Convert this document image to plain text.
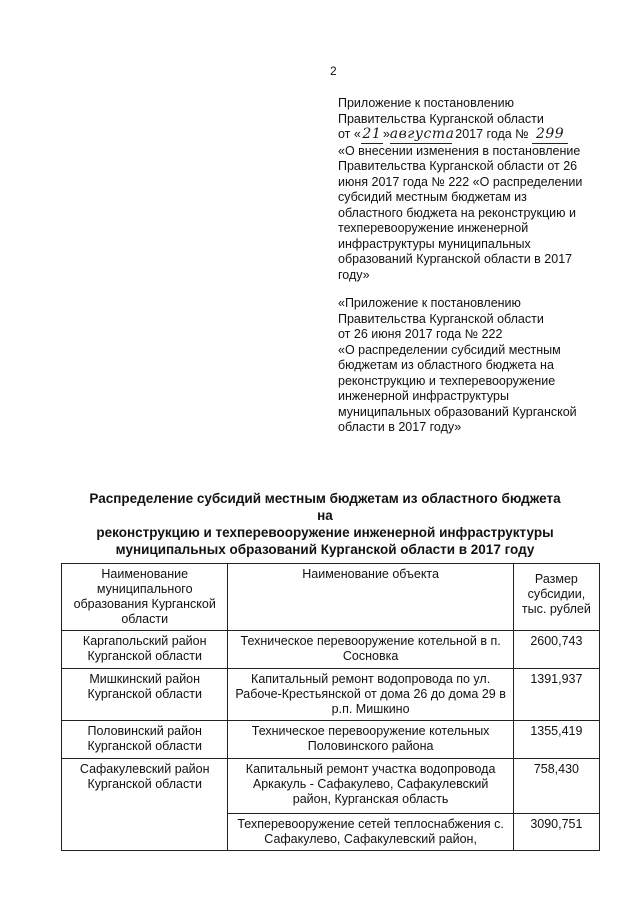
2

Приложение к постановлению

Правительства Курганской области

от « 21 »августа 2017 года № 299

«О внесении изменения в постановление

Правительства Курганской области от 26

июня 2017 года № 222 «О распределении

субсидий местным бюджетам из

областного бюджета на реконструкцию и

техперевооружение инженерной

инфраструктуры муниципальных

образований Курганской области в 2017

году»

«Приложение к постановлению

Правительства Курганской области

от 26 июня 2017 года № 222

«О распределении субсидий местным

бюджетам из областного бюджета на

реконструкцию и техперевооружение

инженерной инфраструктуры

муниципальных образований Курганской

области в 2017 году»

Распределение субсидий местным бюджетам из областного бюджета на

реконструкцию и техперевооружение инженерной инфраструктуры

муниципальных образований Курганской области в 2017 году

Наименование муниципального образования Курганской области	Наименование объекта	Размер субсидии, тыс. рублей
Каргапольский район Курганской области	Техническое перевооружение котельной в п. Сосновка	2600,743
Мишкинский район Курганской области	Капитальный ремонт водопровода по ул. Рабоче-Крестьянской от дома 26 до дома 29 в р.п. Мишкино	1391,937
Половинский район Курганской области	Техническое перевооружение котельных Половинского района	1355,419
Сафакулевский район Курганской области	Капитальный ремонт участка водопровода Аркакуль - Сафакулево, Сафакулевский район, Курганская область	758,430
	Техперевооружение сетей теплоснабжения с. Сафакулево, Сафакулевский район,	3090,751
